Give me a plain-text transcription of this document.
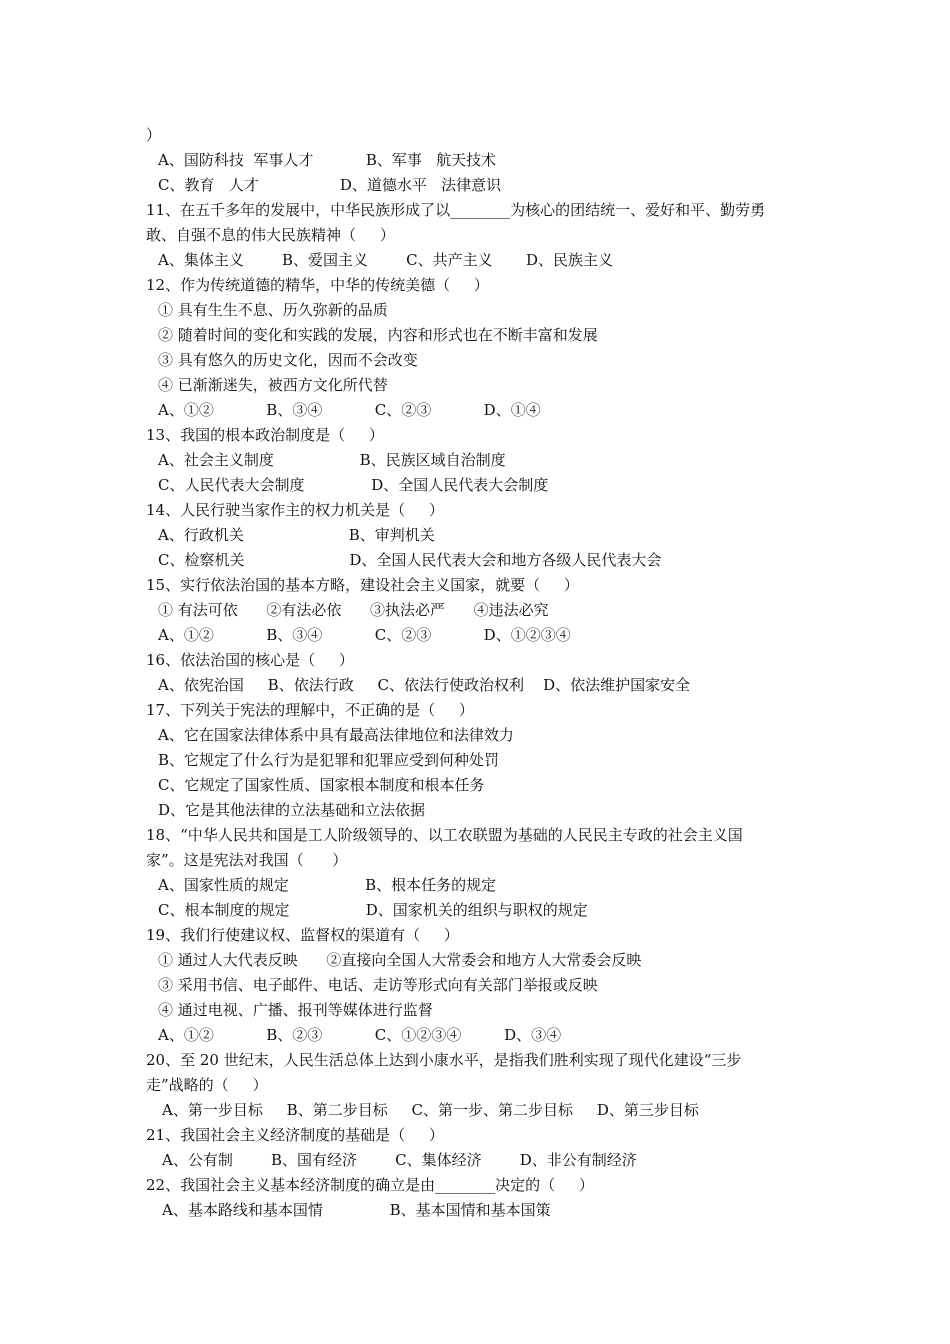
）
A、国防科技  军事人才           B、军事   航天技术
C、教育   人才                 D、道德水平   法律意识
11、在五千多年的发展中，中华民族形成了以________为核心的团结统一、爱好和平、勤劳勇
敢、自强不息的伟大民族精神（     ）
A、集体主义        B、爱国主义        C、共产主义       D、民族主义
12、作为传统道德的精华，中华的传统美德（     ）
① 具有生生不息、历久弥新的品质
② 随着时间的变化和实践的发展，内容和形式也在不断丰富和发展
③ 具有悠久的历史文化，因而不会改变
④ 已渐渐迷失，被西方文化所代替
A、①②           B、③④           C、②③           D、①④
13、我国的根本政治制度是（     ）
A、社会主义制度                  B、民族区域自治制度
C、人民代表大会制度              D、全国人民代表大会制度
14、人民行驶当家作主的权力机关是（     ）
A、行政机关                      B、审判机关
C、检察机关                      D、全国人民代表大会和地方各级人民代表大会
15、实行依法治国的基本方略，建设社会主义国家，就要（     ）
① 有法可依      ②有法必依      ③执法必严      ④违法必究
A、①②           B、③④           C、②③           D、①②③④
16、依法治国的核心是（     ）
A、依宪治国     B、依法行政     C、依法行使政治权利    D、依法维护国家安全
17、下列关于宪法的理解中，不正确的是（     ）
A、它在国家法律体系中具有最高法律地位和法律效力
B、它规定了什么行为是犯罪和犯罪应受到何种处罚
C、它规定了国家性质、国家根本制度和根本任务
D、它是其他法律的立法基础和立法依据
18、“中华人民共和国是工人阶级领导的、以工农联盟为基础的人民民主专政的社会主义国
家”。这是宪法对我国（      ）
A、国家性质的规定                B、根本任务的规定
C、根本制度的规定                D、国家机关的组织与职权的规定
19、我们行使建议权、监督权的渠道有（     ）
① 通过人大代表反映      ②直接向全国人大常委会和地方人大常委会反映
③ 采用书信、电子邮件、电话、走访等形式向有关部门举报或反映
④ 通过电视、广播、报刊等媒体进行监督
A、①②           B、②③           C、①②③④         D、③④
20、至 20 世纪末，人民生活总体上达到小康水平，是指我们胜利实现了现代化建设“三步
走”战略的（     ）
A、第一步目标     B、第二步目标     C、第一步、第二步目标     D、第三步目标
21、我国社会主义经济制度的基础是（     ）
A、公有制        B、国有经济        C、集体经济        D、非公有制经济
22、我国社会主义基本经济制度的确立是由________决定的（     ）
A、基本路线和基本国情              B、基本国情和基本国策
